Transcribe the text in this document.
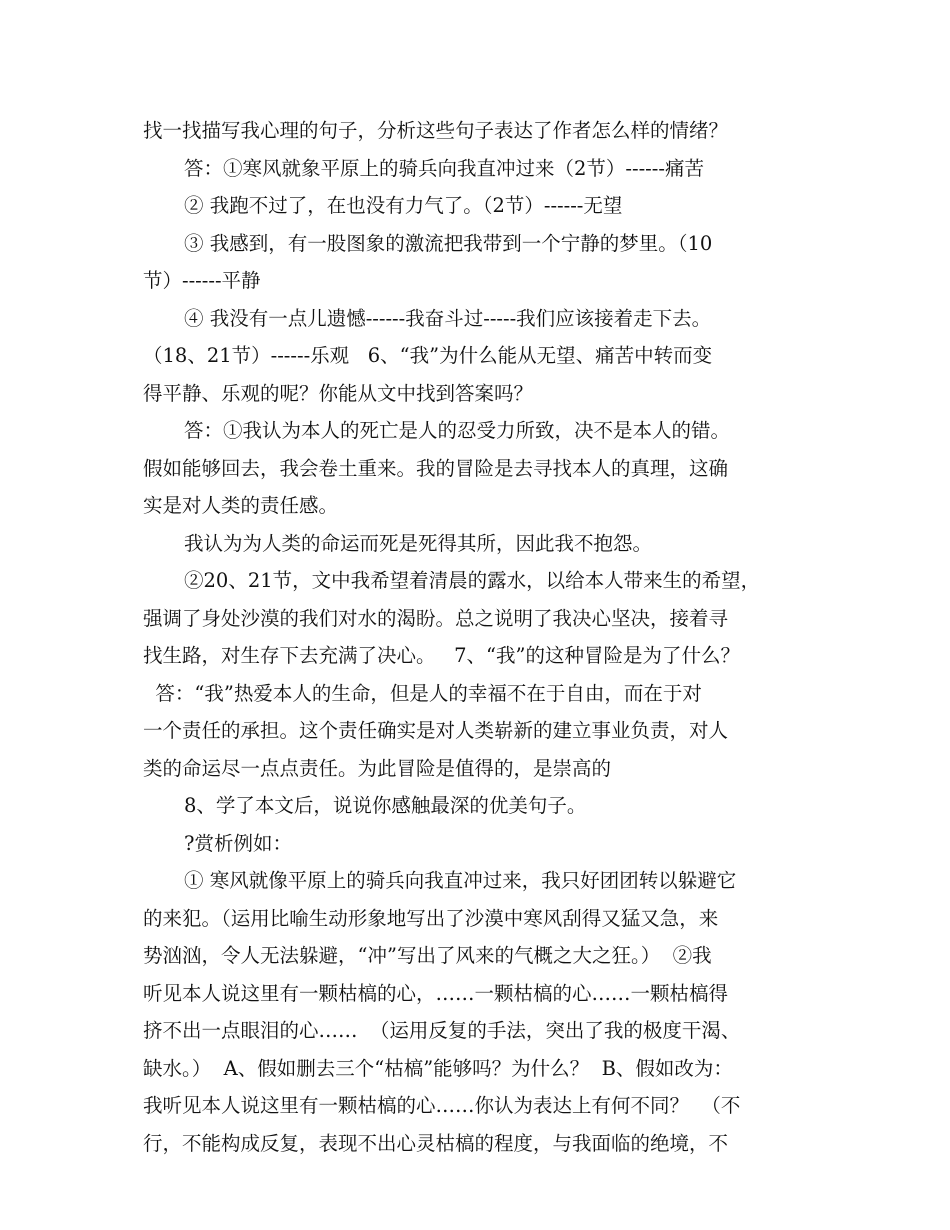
找一找描写我心理的句子，分析这些句子表达了作者怎么样的情绪？
答：①寒风就象平原上的骑兵向我直冲过来（2节）------痛苦
② 我跑不过了，在也没有力气了。（2节）------无望
③ 我感到，有一股图象的激流把我带到一个宁静的梦里。（10
节）------平静
④ 我没有一点儿遗憾------我奋斗过-----我们应该接着走下去。
（18、21节）------乐观   6、“我”为什么能从无望、痛苦中转而变
得平静、乐观的呢？你能从文中找到答案吗？
答：①我认为本人的死亡是人的忍受力所致，决不是本人的错。
假如能够回去，我会卷土重来。我的冒险是去寻找本人的真理，这确
实是对人类的责任感。
我认为为人类的命运而死是死得其所，因此我不抱怨。
②20、21节，文中我希望着清晨的露水，以给本人带来生的希望，
强调了身处沙漠的我们对水的渴盼。总之说明了我决心坚决，接着寻
找生路，对生存下去充满了决心。   7、“我”的这种冒险是为了什么？
答：“我”热爱本人的生命，但是人的幸福不在于自由，而在于对
一个责任的承担。这个责任确实是对人类崭新的建立事业负责，对人
类的命运尽一点点责任。为此冒险是值得的，是崇高的
8、学了本文后，说说你感触最深的优美句子。
?赏析例如：
① 寒风就像平原上的骑兵向我直冲过来，我只好团团转以躲避它
的来犯。（运用比喻生动形象地写出了沙漠中寒风刮得又猛又急，来
势汹汹，令人无法躲避，“冲”写出了风来的气概之大之狂。）  ②我
听见本人说这里有一颗枯槁的心，……一颗枯槁的心……一颗枯槁得
挤不出一点眼泪的心……  （运用反复的手法，突出了我的极度干渴、
缺水。）  A、假如删去三个“枯槁”能够吗？为什么？  B、假如改为：
我听见本人说这里有一颗枯槁的心……你认为表达上有何不同？  （不
行，不能构成反复，表现不出心灵枯槁的程度，与我面临的绝境，不
